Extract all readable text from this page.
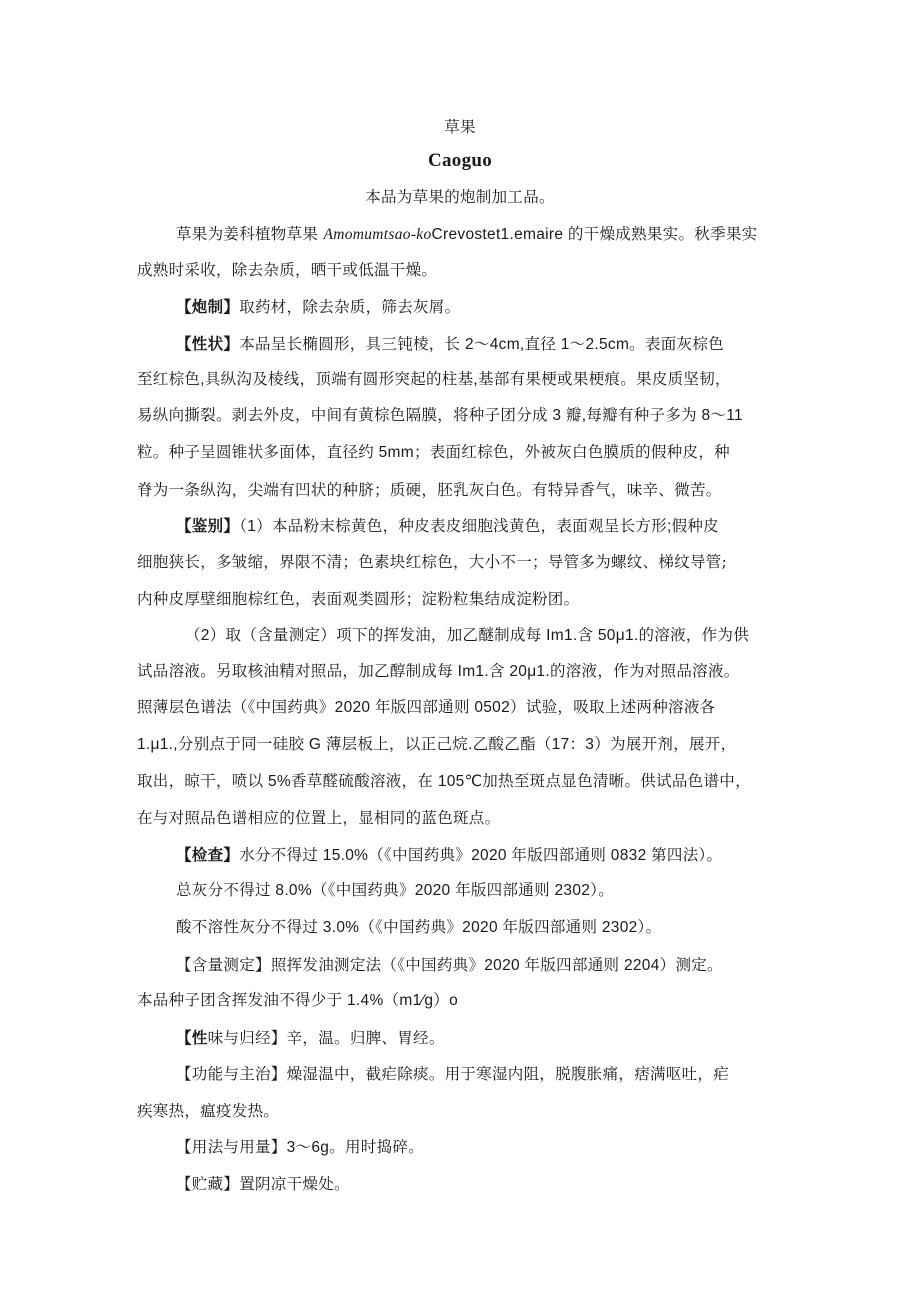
草果
Caoguo
本品为草果的炮制加工品。
草果为姜科植物草果 Amomumtsao-koCrevostet1.emaire 的干燥成熟果实。秋季果实
成熟时采收，除去杂质，晒干或低温干燥。
【炮制】取药材，除去杂质，筛去灰屑。
【性状】本品呈长椭圆形，具三钝棱，长 2～4cm,直径 1～2.5cm。表面灰棕色
至红棕色,具纵沟及棱线，顶端有圆形突起的柱基,基部有果梗或果梗痕。果皮质坚韧，
易纵向撕裂。剥去外皮，中间有黄棕色隔膜，将种子团分成 3 瓣,每瓣有种子多为 8～11
粒。种子呈圆锥状多面体，直径约 5mm；表面红棕色，外被灰白色膜质的假种皮，种
脊为一条纵沟，尖端有凹状的种脐；质硬，胚乳灰白色。有特异香气，味辛、微苦。
【鉴别】（1）本品粉末棕黄色，种皮表皮细胞浅黄色，表面观呈长方形;假种皮
细胞狭长，多皱缩，界限不清；色素块红棕色，大小不一；导管多为螺纹、梯纹导管;
内种皮厚壁细胞棕红色，表面观类圆形；淀粉粒集结成淀粉团。
（2）取（含量测定）项下的挥发油，加乙醚制成每 Im1.含 50μ1.的溶液，作为供
试品溶液。另取核油精对照品，加乙醇制成每 Im1.含 20μ1.的溶液，作为对照品溶液。
照薄层色谱法（《中国药典》2020 年版四部通则 0502）试验，吸取上述两种溶液各
1.μ1.,分别点于同一硅胶 G 薄层板上，以正己烷.乙酸乙酯（17：3）为展开剂，展开，
取出，晾干，喷以 5%香草醛硫酸溶液，在 105℃加热至斑点显色清晰。供试品色谱中，
在与对照品色谱相应的位置上，显相同的蓝色斑点。
【检查】水分不得过 15.0%（《中国药典》2020 年版四部通则 0832 第四法）。
总灰分不得过 8.0%（《中国药典》2020 年版四部通则 2302）。
酸不溶性灰分不得过 3.0%（《中国药典》2020 年版四部通则 2302）。
【含量测定】照挥发油测定法（《中国药典》2020 年版四部通则 2204）测定。
本品种子团含挥发油不得少于 1.4%（m1∕g）o
【性味与归经】辛，温。归脾、胃经。
【功能与主治】燥湿温中，截疟除痰。用于寒湿内阻，脱腹胀痛，痞满呕吐，疟
疾寒热，瘟疫发热。
【用法与用量】3～6g。用时捣碎。
【贮藏】置阴凉干燥处。
